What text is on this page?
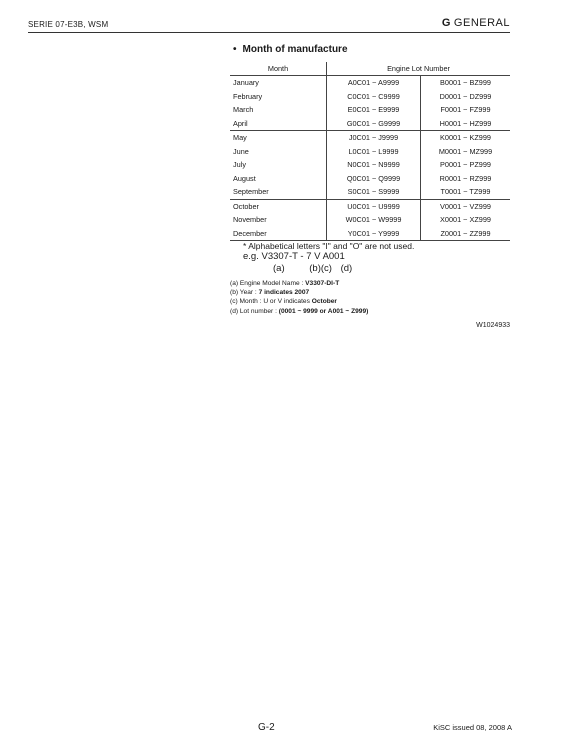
SERIE 07-E3B, WSM	G GENERAL
• Month of manufacture
Month	Engine Lot Number	
January	A0C01 ~ A9999	B0001 ~ BZ999
February	C0C01 ~ C9999	D0001 ~ DZ999
March	E0C01 ~ E9999	F0001 ~ FZ999
April	G0C01 ~ G9999	H0001 ~ HZ999
May	J0C01 ~ J9999	K0001 ~ KZ999
June	L0C01 ~ L9999	M0001 ~ MZ999
July	N0C01 ~ N9999	P0001 ~ PZ999
August	Q0C01 ~ Q9999	R0001 ~ RZ999
September	S0C01 ~ S9999	T0001 ~ TZ999
October	U0C01 ~ U9999	V0001 ~ VZ999
November	W0C01 ~ W9999	X0001 ~ XZ999
December	Y0C01 ~ Y9999	Z0001 ~ ZZ999
* Alphabetical letters "I" and "O" are not used.
e.g. V3307-T - 7 V A001
(a)	(b)(c) (d)
(a) Engine Model Name : V3307-DI-T
(b) Year : 7 indicates 2007
(c) Month : U or V indicates October
(d) Lot number : (0001 ~ 9999 or A001 ~ Z999)
W1024933
G-2	KiSC issued 08, 2008 A
